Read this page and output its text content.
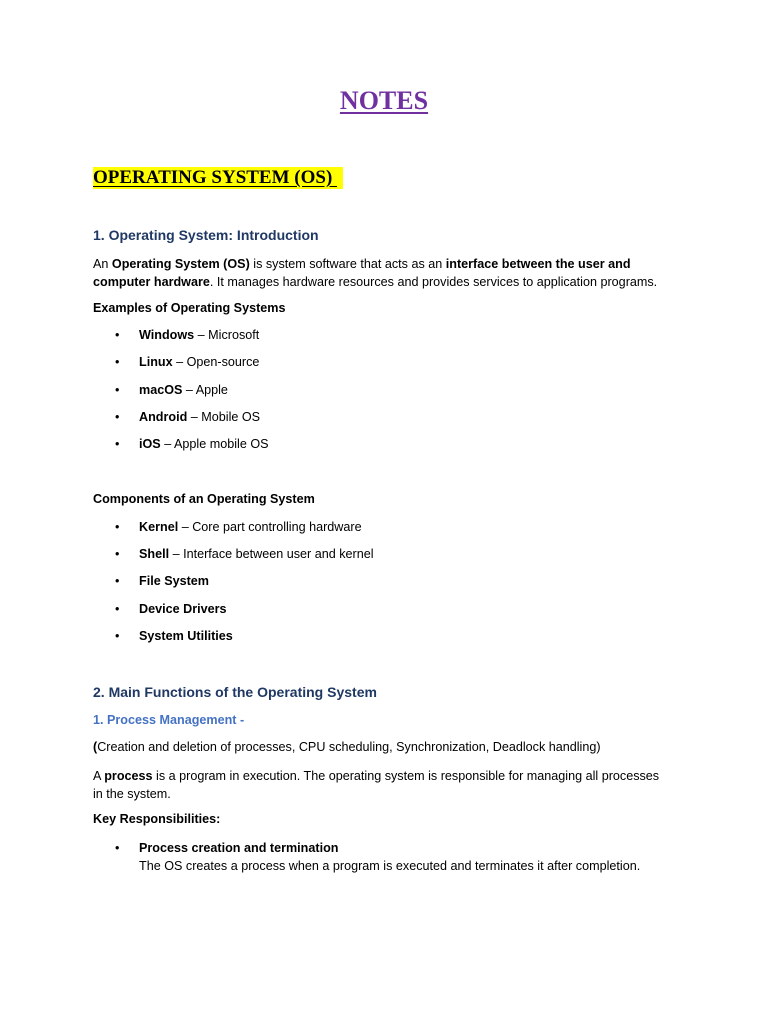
NOTES
OPERATING SYSTEM (OS)
1. Operating System: Introduction
An Operating System (OS) is system software that acts as an interface between the user and
computer hardware. It manages hardware resources and provides services to application programs.
Examples of Operating Systems
• Windows – Microsoft
• Linux – Open-source
• macOS – Apple
• Android – Mobile OS
• iOS – Apple mobile OS
Components of an Operating System
• Kernel – Core part controlling hardware
• Shell – Interface between user and kernel
• File System
• Device Drivers
• System Utilities
2. Main Functions of the Operating System
1. Process Management -
(Creation and deletion of processes, CPU scheduling, Synchronization, Deadlock handling)
A process is a program in execution. The operating system is responsible for managing all processes
in the system.
Key Responsibilities:
• Process creation and termination
The OS creates a process when a program is executed and terminates it after completion.
